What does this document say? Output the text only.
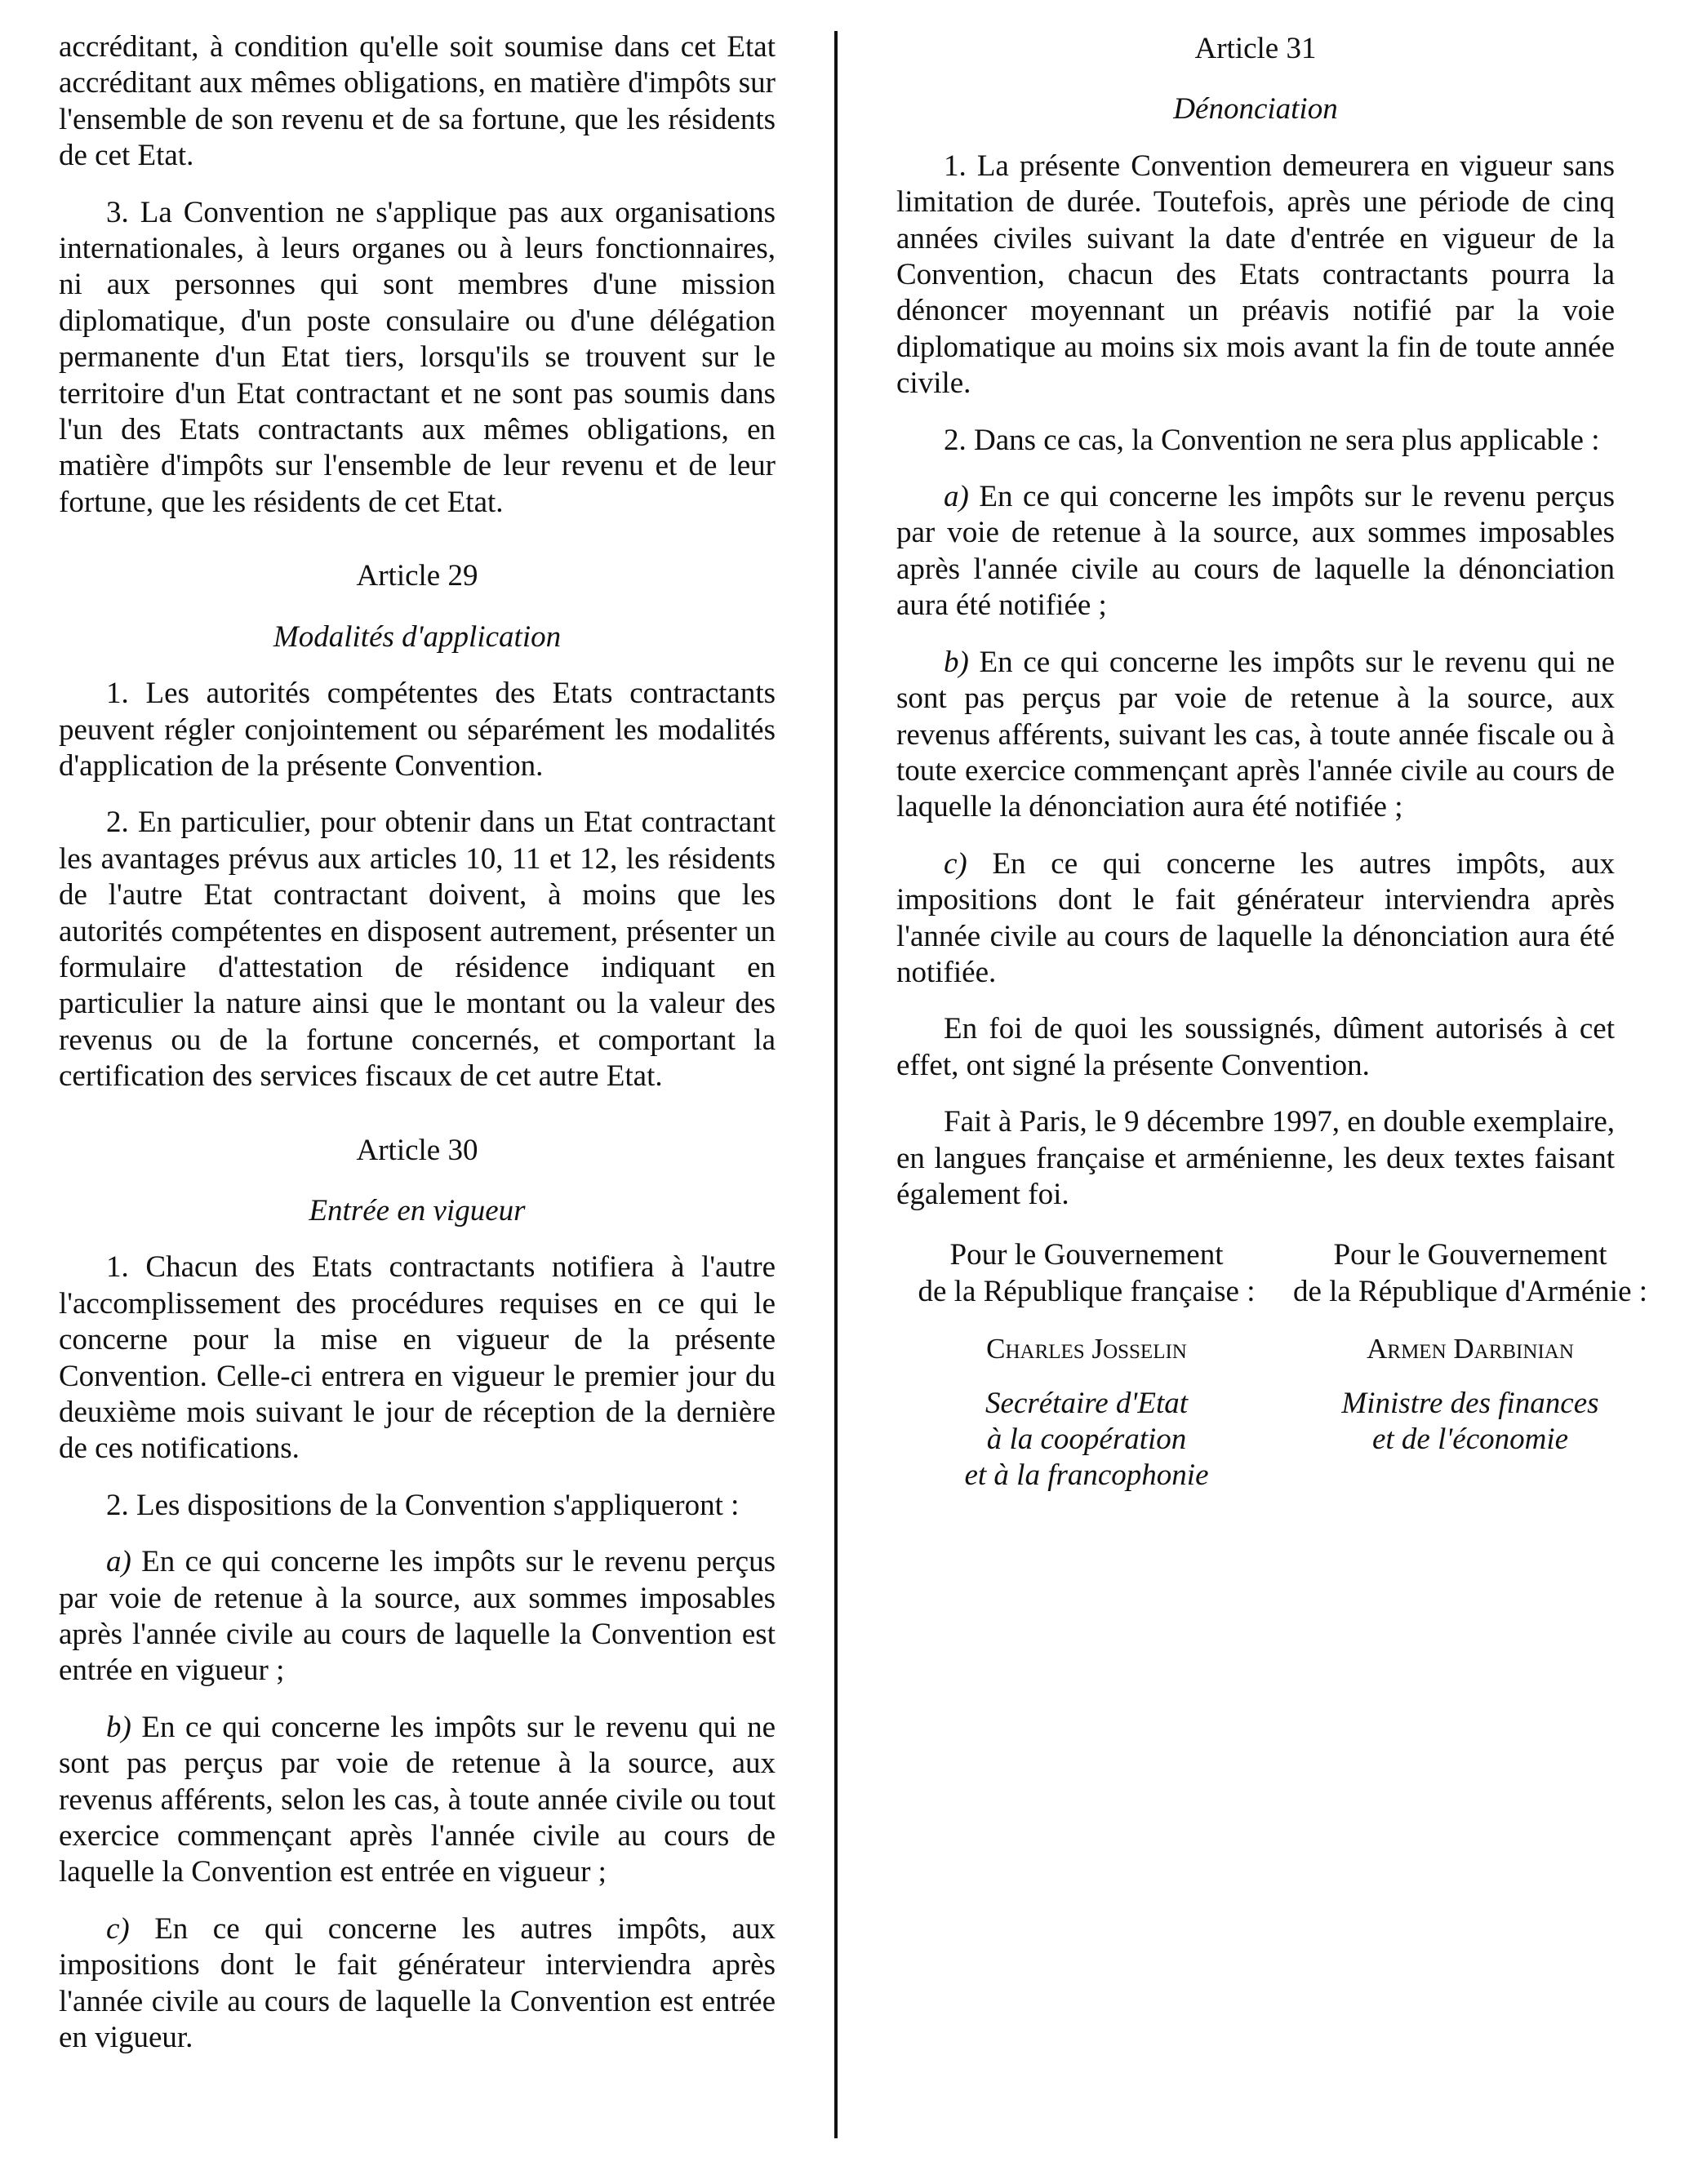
accréditant, à condition qu'elle soit soumise dans cet Etat accréditant aux mêmes obligations, en matière d'impôts sur l'ensemble de son revenu et de sa fortune, que les résidents de cet Etat.

3. La Convention ne s'applique pas aux organisations internationales, à leurs organes ou à leurs fonctionnaires, ni aux personnes qui sont membres d'une mission diplomatique, d'un poste consulaire ou d'une délégation permanente d'un Etat tiers, lorsqu'ils se trouvent sur le territoire d'un Etat contractant et ne sont pas soumis dans l'un des Etats contractants aux mêmes obligations, en matière d'impôts sur l'ensemble de leur revenu et de leur fortune, que les résidents de cet Etat.

Article 29
Modalités d'application

1. Les autorités compétentes des Etats contractants peuvent régler conjointement ou séparément les modalités d'application de la présente Convention.

2. En particulier, pour obtenir dans un Etat contractant les avantages prévus aux articles 10, 11 et 12, les résidents de l'autre Etat contractant doivent, à moins que les autorités compétentes en disposent autrement, présenter un formulaire d'attestation de résidence indiquant en particulier la nature ainsi que le montant ou la valeur des revenus ou de la fortune concernés, et comportant la certification des services fiscaux de cet autre Etat.

Article 30
Entrée en vigueur

1. Chacun des Etats contractants notifiera à l'autre l'accomplissement des procédures requises en ce qui le concerne pour la mise en vigueur de la présente Convention. Celle-ci entrera en vigueur le premier jour du deuxième mois suivant le jour de réception de la dernière de ces notifications.

2. Les dispositions de la Convention s'appliqueront :

a) En ce qui concerne les impôts sur le revenu perçus par voie de retenue à la source, aux sommes imposables après l'année civile au cours de laquelle la Convention est entrée en vigueur ;

b) En ce qui concerne les impôts sur le revenu qui ne sont pas perçus par voie de retenue à la source, aux revenus afférents, selon les cas, à toute année civile ou tout exercice commençant après l'année civile au cours de laquelle la Convention est entrée en vigueur ;

c) En ce qui concerne les autres impôts, aux impositions dont le fait générateur interviendra après l'année civile au cours de laquelle la Convention est entrée en vigueur.

Article 31
Dénonciation

1. La présente Convention demeurera en vigueur sans limitation de durée. Toutefois, après une période de cinq années civiles suivant la date d'entrée en vigueur de la Convention, chacun des Etats contractants pourra la dénoncer moyennant un préavis notifié par la voie diplomatique au moins six mois avant la fin de toute année civile.

2. Dans ce cas, la Convention ne sera plus applicable :

a) En ce qui concerne les impôts sur le revenu perçus par voie de retenue à la source, aux sommes imposables après l'année civile au cours de laquelle la dénonciation aura été notifiée ;

b) En ce qui concerne les impôts sur le revenu qui ne sont pas perçus par voie de retenue à la source, aux revenus afférents, suivant les cas, à toute année fiscale ou à toute exercice commençant après l'année civile au cours de laquelle la dénonciation aura été notifiée ;

c) En ce qui concerne les autres impôts, aux impositions dont le fait générateur interviendra après l'année civile au cours de laquelle la dénonciation aura été notifiée.

En foi de quoi les soussignés, dûment autorisés à cet effet, ont signé la présente Convention.

Fait à Paris, le 9 décembre 1997, en double exemplaire, en langues française et arménienne, les deux textes faisant également foi.

Pour le Gouvernement
de la République française :
Charles Josselin
Secrétaire d'Etat
à la coopération
et à la francophonie
Pour le Gouvernement
de la République d'Arménie :
Armen Darbinian
Ministre des finances
et de l'économie
